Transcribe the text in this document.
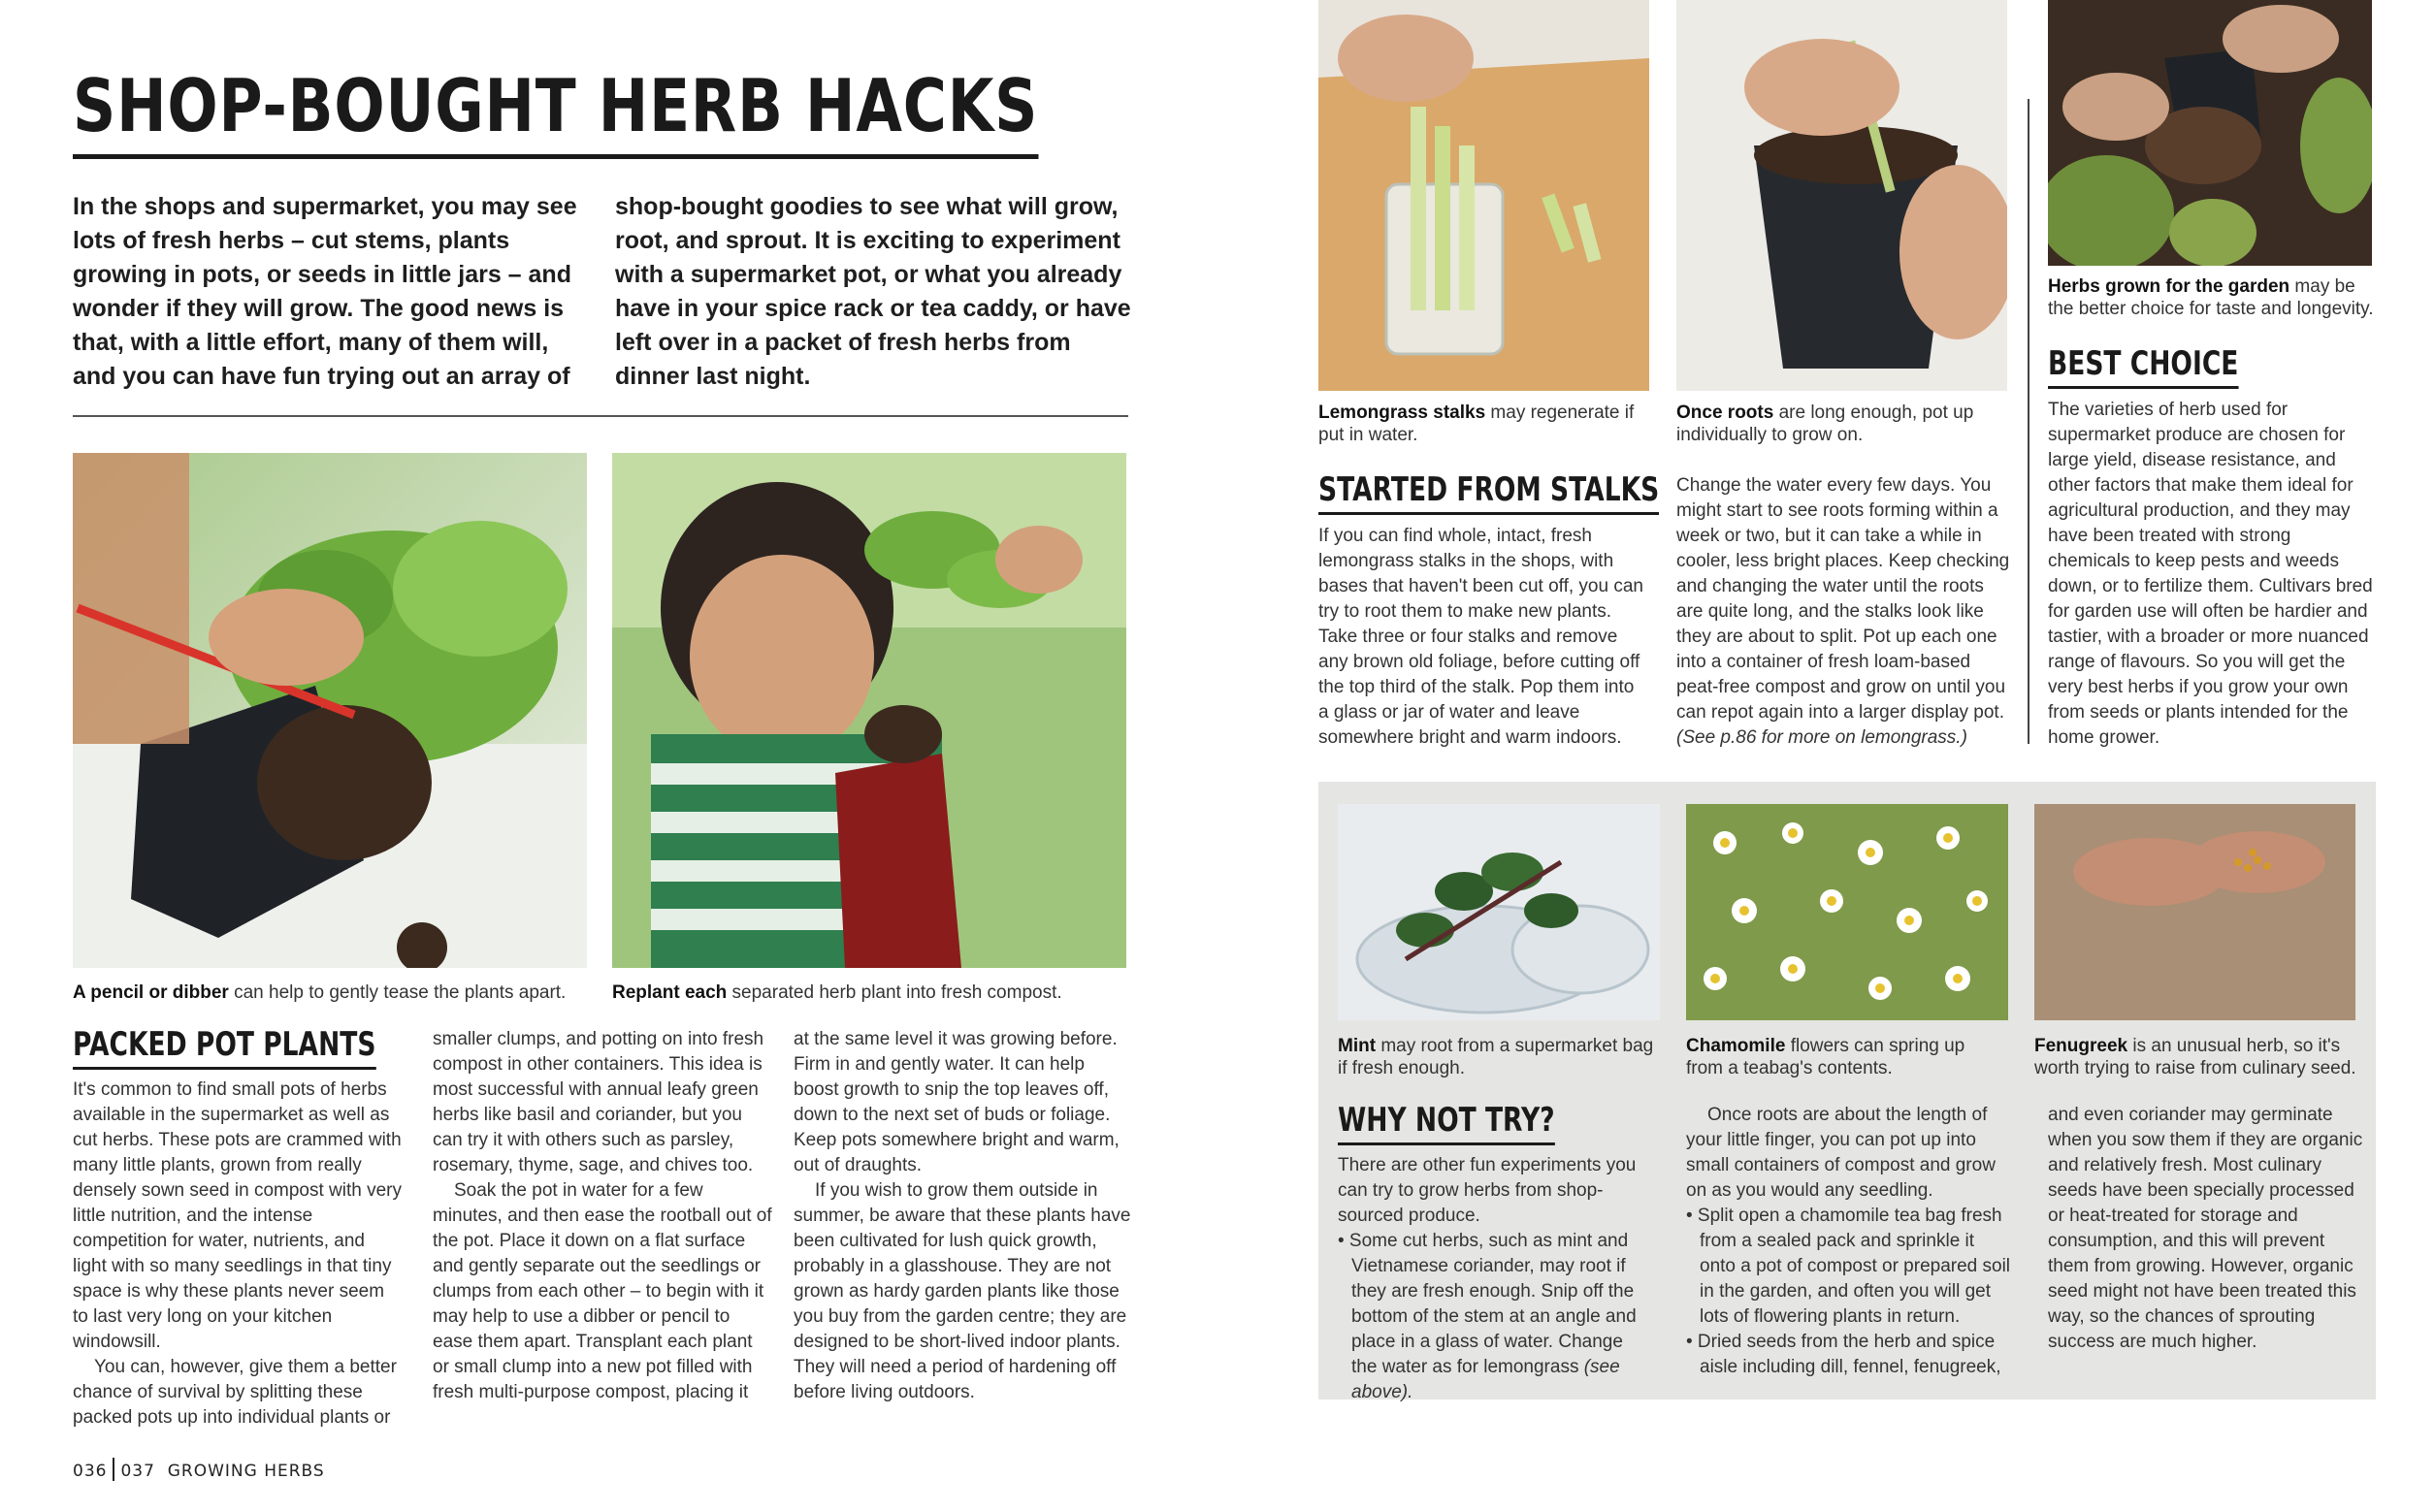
SHOP-BOUGHT HERB HACKS

In the shops and supermarket, you may see lots of fresh herbs – cut stems, plants growing in pots, or seeds in little jars – and wonder if they will grow. The good news is that, with a little effort, many of them will, and you can have fun trying out an array of

shop-bought goodies to see what will grow, root, and sprout. It is exciting to experiment with a supermarket pot, or what you already have in your spice rack or tea caddy, or have left over in a packet of fresh herbs from dinner last night.

A pencil or dibber can help to gently tease the plants apart.	Replant each separated herb plant into fresh compost.

PACKED POT PLANTS

It's common to find small pots of herbs available in the supermarket as well as cut herbs. These pots are crammed with many little plants, grown from really densely sown seed in compost with very little nutrition, and the intense competition for water, nutrients, and light with so many seedlings in that tiny space is why these plants never seem to last very long on your kitchen windowsill.

You can, however, give them a better chance of survival by splitting these packed pots up into individual plants or

smaller clumps, and potting on into fresh compost in other containers. This idea is most successful with annual leafy green herbs like basil and coriander, but you can try it with others such as parsley, rosemary, thyme, sage, and chives too.

Soak the pot in water for a few minutes, and then ease the rootball out of the pot. Place it down on a flat surface and gently separate out the seedlings or clumps from each other – to begin with it may help to use a dibber or pencil to ease them apart. Transplant each plant or small clump into a new pot filled with fresh multi-purpose compost, placing it

at the same level it was growing before. Firm in and gently water. It can help boost growth to snip the top leaves off, down to the next set of buds or foliage. Keep pots somewhere bright and warm, out of draughts.

If you wish to grow them outside in summer, be aware that these plants have been cultivated for lush quick growth, probably in a glasshouse. They are not grown as hardy garden plants like those you buy from the garden centre; they are designed to be short-lived indoor plants. They will need a period of hardening off before living outdoors.

036 037 GROWING HERBS

Lemongrass stalks may regenerate if put in water.

Once roots are long enough, pot up individually to grow on.

Herbs grown for the garden may be the better choice for taste and longevity.

STARTED FROM STALKS

If you can find whole, intact, fresh lemongrass stalks in the shops, with bases that haven't been cut off, you can try to root them to make new plants. Take three or four stalks and remove any brown old foliage, before cutting off the top third of the stalk. Pop them into a glass or jar of water and leave somewhere bright and warm indoors.

Change the water every few days. You might start to see roots forming within a week or two, but it can take a while in cooler, less bright places. Keep checking and changing the water until the roots are quite long, and the stalks look like they are about to split. Pot up each one into a container of fresh loam-based peat-free compost and grow on until you can repot again into a larger display pot. (See p.86 for more on lemongrass.)

BEST CHOICE

The varieties of herb used for supermarket produce are chosen for large yield, disease resistance, and other factors that make them ideal for agricultural production, and they may have been treated with strong chemicals to keep pests and weeds down, or to fertilize them. Cultivars bred for garden use will often be hardier and tastier, with a broader or more nuanced range of flavours. So you will get the very best herbs if you grow your own from seeds or plants intended for the home grower.

Mint may root from a supermarket bag if fresh enough.

Chamomile flowers can spring up from a teabag's contents.

Fenugreek is an unusual herb, so it's worth trying to raise from culinary seed.

WHY NOT TRY?

There are other fun experiments you can try to grow herbs from shop-sourced produce.

• Some cut herbs, such as mint and Vietnamese coriander, may root if they are fresh enough. Snip off the bottom of the stem at an angle and place in a glass of water. Change the water as for lemongrass (see above).

Once roots are about the length of your little finger, you can pot up into small containers of compost and grow on as you would any seedling.

• Split open a chamomile tea bag fresh from a sealed pack and sprinkle it onto a pot of compost or prepared soil in the garden, and often you will get lots of flowering plants in return.
• Dried seeds from the herb and spice aisle including dill, fennel, fenugreek,

and even coriander may germinate when you sow them if they are organic and relatively fresh. Most culinary seeds have been specially processed or heat-treated for storage and consumption, and this will prevent them from growing. However, organic seed might not have been treated this way, so the chances of sprouting success are much higher.
